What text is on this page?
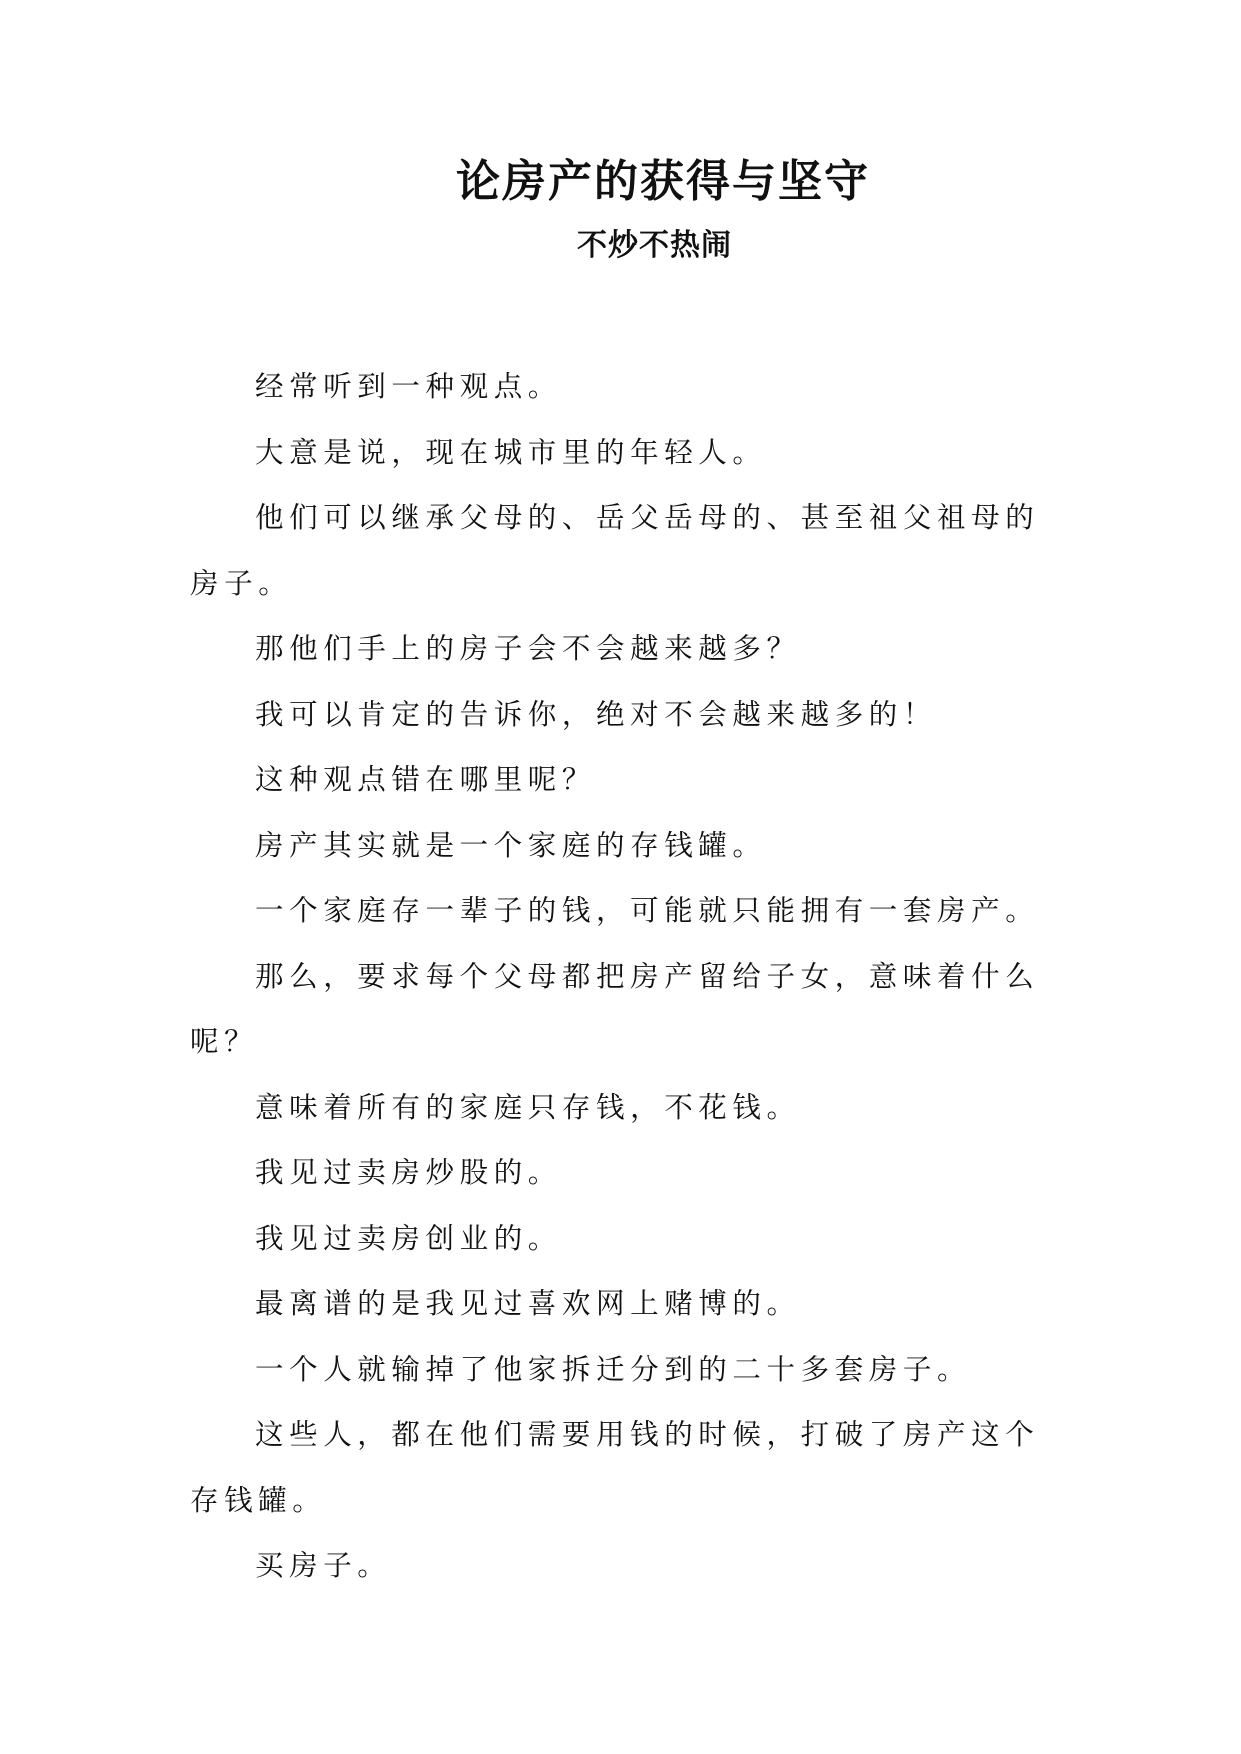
论房产的获得与坚守
不炒不热闹

经常听到一种观点。

大意是说，现在城市里的年轻人。

他们可以继承父母的、岳父岳母的、甚至祖父祖母的房子。

那他们手上的房子会不会越来越多？

我可以肯定的告诉你，绝对不会越来越多的！

这种观点错在哪里呢？

房产其实就是一个家庭的存钱罐。

一个家庭存一辈子的钱，可能就只能拥有一套房产。

那么，要求每个父母都把房产留给子女，意味着什么呢？

意味着所有的家庭只存钱，不花钱。

我见过卖房炒股的。

我见过卖房创业的。

最离谱的是我见过喜欢网上赌博的。

一个人就输掉了他家拆迁分到的二十多套房子。

这些人，都在他们需要用钱的时候，打破了房产这个存钱罐。

买房子。
